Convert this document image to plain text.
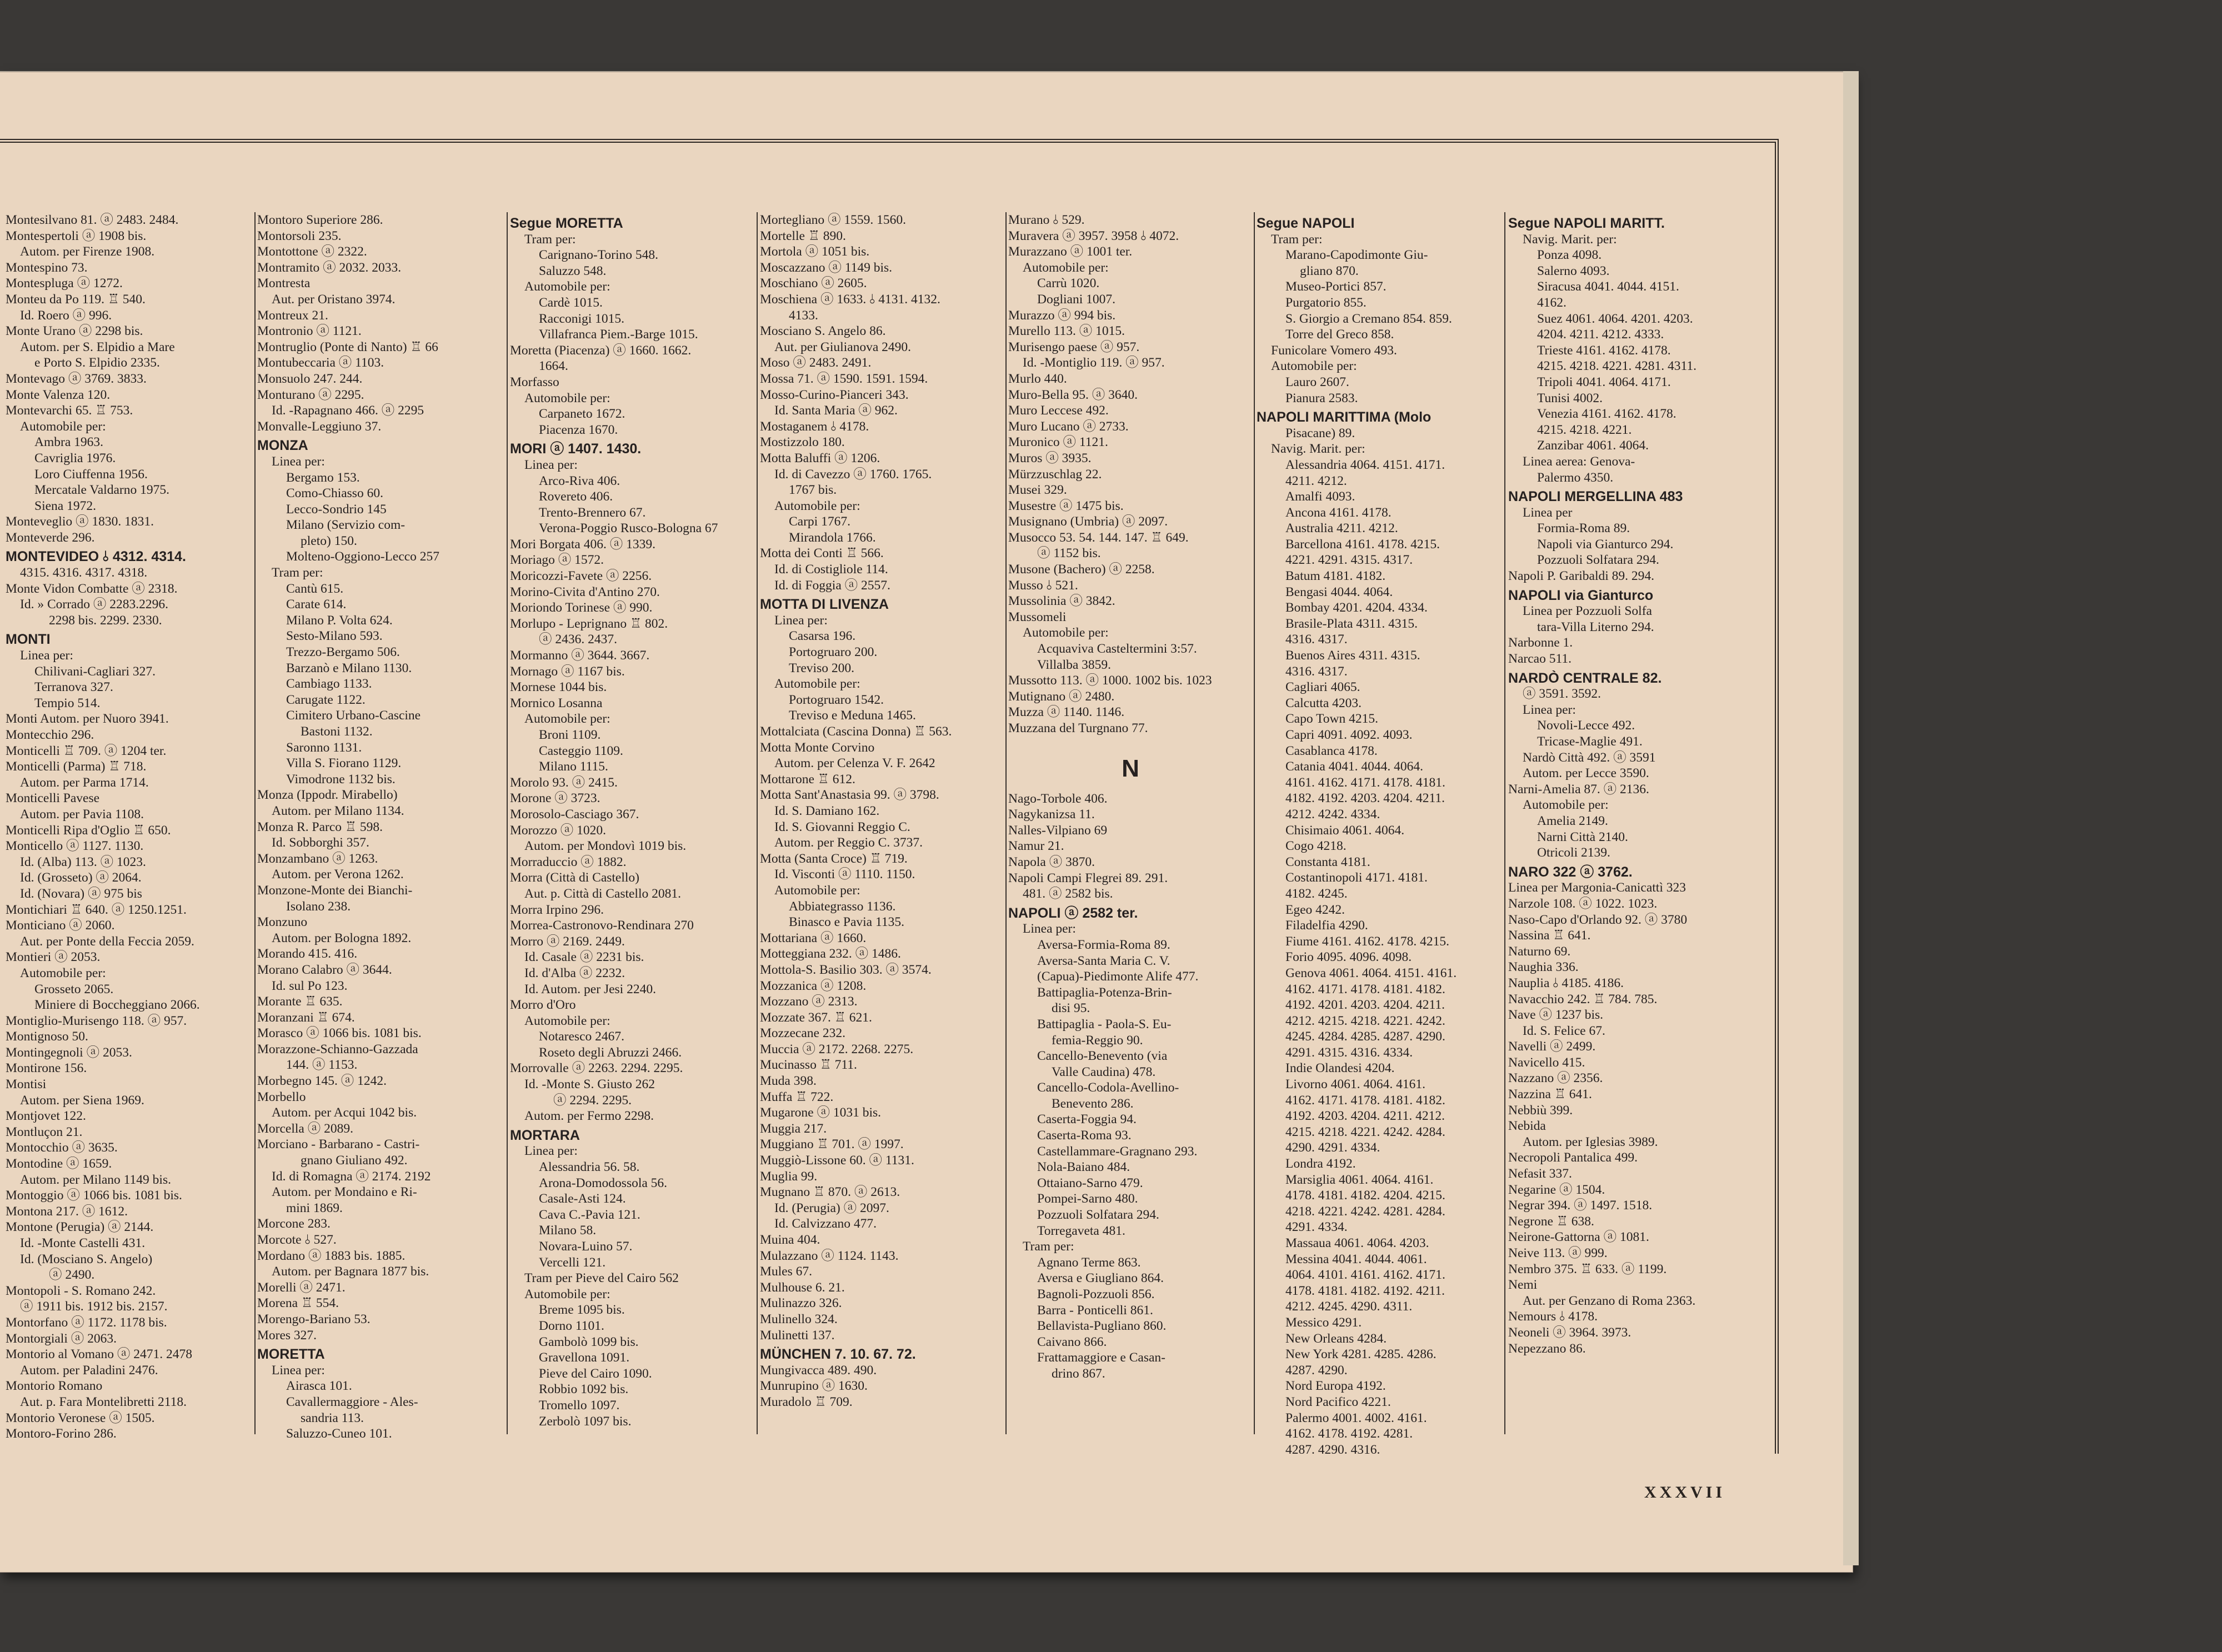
Montesilvano 81. ⓐ 2483. 2484.
Montespertoli ⓐ 1908 bis.
Autom. per Firenze 1908.
Montespino 73.
Montespluga ⓐ 1272.
Monteu da Po 119. ♖ 540.
Id. Roero ⓐ 996.
Monte Urano ⓐ 2298 bis.
Autom. per S. Elpidio a Mare
e Porto S. Elpidio 2335.
Montevago ⓐ 3769. 3833.
Monte Valenza 120.
Montevarchi 65. ♖ 753.
Automobile per:
Ambra 1963.
Cavriglia 1976.
Loro Ciuffenna 1956.
Mercatale Valdarno 1975.
Siena 1972.
Monteveglio ⓐ 1830. 1831.
Monteverde 296.
MONTEVIDEO ⫰ 4312. 4314.
4315. 4316. 4317. 4318.
Monte Vidon Combatte ⓐ 2318.
Id. » Corrado ⓐ 2283.2296.
2298 bis. 2299. 2330.
MONTI
Linea per:
Chilivani-Cagliari 327.
Terranova 327.
Tempio 514.
Monti Autom. per Nuoro 3941.
Montecchio 296.
Monticelli ♖ 709. ⓐ 1204 ter.
Monticelli (Parma) ♖ 718.
Autom. per Parma 1714.
Monticelli Pavese
Autom. per Pavia 1108.
Monticelli Ripa d'Oglio ♖ 650.
Monticello ⓐ 1127. 1130.
Id. (Alba) 113. ⓐ 1023.
Id. (Grosseto) ⓐ 2064.
Id. (Novara) ⓐ 975 bis
Montichiari ♖ 640. ⓐ 1250.1251.
Monticiano ⓐ 2060.
Aut. per Ponte della Feccia 2059.
Montieri ⓐ 2053.
Automobile per:
Grosseto 2065.
Miniere di Boccheggiano 2066.
Montiglio-Murisengo 118. ⓐ 957.
Montignoso 50.
Montingegnoli ⓐ 2053.
Montirone 156.
Montisi
Autom. per Siena 1969.
Montjovet 122.
Montluçon 21.
Montocchio ⓐ 3635.
Montodine ⓐ 1659.
Autom. per Milano 1149 bis.
Montoggio ⓐ 1066 bis. 1081 bis.
Montona 217. ⓐ 1612.
Montone (Perugia) ⓐ 2144.
Id. -Monte Castelli 431.
Id. (Mosciano S. Angelo)
ⓐ 2490.
Montopoli - S. Romano 242.
ⓐ 1911 bis. 1912 bis. 2157.
Montorfano ⓐ 1172. 1178 bis.
Montorgiali ⓐ 2063.
Montorio al Vomano ⓐ 2471. 2478
Autom. per Paladini 2476.
Montorio Romano
Aut. p. Fara Montelibretti 2118.
Montorio Veronese ⓐ 1505.
Montoro-Forino 286.
Montoro Superiore 286.
Montorsoli 235.
Montottone ⓐ 2322.
Montramito ⓐ 2032. 2033.
Montresta
Aut. per Oristano 3974.
Montreux 21.
Montronio ⓐ 1121.
Montruglio (Ponte di Nanto) ♖ 66
Montubeccaria ⓐ 1103.
Monsuolo 247. 244.
Monturano ⓐ 2295.
Id. -Rapagnano 466. ⓐ 2295
Monvalle-Leggiuno 37.
MONZA
Linea per:
Bergamo 153.
Como-Chiasso 60.
Lecco-Sondrio 145
Milano (Servizio com-
pleto) 150.
Molteno-Oggiono-Lecco 257
Tram per:
Cantù 615.
Carate 614.
Milano P. Volta 624.
Sesto-Milano 593.
Trezzo-Bergamo 506.
Barzanò e Milano 1130.
Cambiago 1133.
Carugate 1122.
Cimitero Urbano-Cascine
Bastoni 1132.
Saronno 1131.
Villa S. Fiorano 1129.
Vimodrone 1132 bis.
Monza (Ippodr. Mirabello)
Autom. per Milano 1134.
Monza R. Parco ♖ 598.
Id. Sobborghi 357.
Monzambano ⓐ 1263.
Autom. per Verona 1262.
Monzone-Monte dei Bianchi-
Isolano 238.
Monzuno
Autom. per Bologna 1892.
Morando 415. 416.
Morano Calabro ⓐ 3644.
Id. sul Po 123.
Morante ♖ 635.
Moranzani ♖ 674.
Morasco ⓐ 1066 bis. 1081 bis.
Morazzone-Schianno-Gazzada
144. ⓐ 1153.
Morbegno 145. ⓐ 1242.
Morbello
Autom. per Acqui 1042 bis.
Morcella ⓐ 2089.
Morciano - Barbarano - Castri-
gnano Giuliano 492.
Id. di Romagna ⓐ 2174. 2192
Autom. per Mondaino e Ri-
mini 1869.
Morcone 283.
Morcote ⫰ 527.
Mordano ⓐ 1883 bis. 1885.
Autom. per Bagnara 1877 bis.
Morelli ⓐ 2471.
Morena ♖ 554.
Morengo-Bariano 53.
Mores 327.
MORETTA
Linea per:
Airasca 101.
Cavallermaggiore - Ales-
sandria 113.
Saluzzo-Cuneo 101.
Segue MORETTA
Tram per:
Carignano-Torino 548.
Saluzzo 548.
Automobile per:
Cardè 1015.
Racconigi 1015.
Villafranca Piem.-Barge 1015.
Moretta (Piacenza) ⓐ 1660. 1662.
1664.
Morfasso
Automobile per:
Carpaneto 1672.
Piacenza 1670.
MORI ⓐ 1407. 1430.
Linea per:
Arco-Riva 406.
Rovereto 406.
Trento-Brennero 67.
Verona-Poggio Rusco-Bologna 67
Mori Borgata 406. ⓐ 1339.
Moriago ⓐ 1572.
Moricozzi-Favete ⓐ 2256.
Morino-Civita d'Antino 270.
Moriondo Torinese ⓐ 990.
Morlupo - Leprignano ♖ 802.
ⓐ 2436. 2437.
Mormanno ⓐ 3644. 3667.
Mornago ⓐ 1167 bis.
Mornese 1044 bis.
Mornico Losanna
Automobile per:
Broni 1109.
Casteggio 1109.
Milano 1115.
Morolo 93. ⓐ 2415.
Morone ⓐ 3723.
Morosolo-Casciago 367.
Morozzo ⓐ 1020.
Autom. per Mondovì 1019 bis.
Morraduccio ⓐ 1882.
Morra (Città di Castello)
Aut. p. Città di Castello 2081.
Morra Irpino 296.
Morrea-Castronovo-Rendinara 270
Morro ⓐ 2169. 2449.
Id. Casale ⓐ 2231 bis.
Id. d'Alba ⓐ 2232.
Id. Autom. per Jesi 2240.
Morro d'Oro
Automobile per:
Notaresco 2467.
Roseto degli Abruzzi 2466.
Morrovalle ⓐ 2263. 2294. 2295.
Id. -Monte S. Giusto 262
ⓐ 2294. 2295.
Autom. per Fermo 2298.
MORTARA
Linea per:
Alessandria 56. 58.
Arona-Domodossola 56.
Casale-Asti 124.
Cava C.-Pavia 121.
Milano 58.
Novara-Luino 57.
Vercelli 121.
Tram per Pieve del Cairo 562
Automobile per:
Breme 1095 bis.
Dorno 1101.
Gambolò 1099 bis.
Gravellona 1091.
Pieve del Cairo 1090.
Robbio 1092 bis.
Tromello 1097.
Zerbolò 1097 bis.
Mortegliano ⓐ 1559. 1560.
Mortelle ♖ 890.
Mortola ⓐ 1051 bis.
Moscazzano ⓐ 1149 bis.
Moschiano ⓐ 2605.
Moschiena ⓐ 1633. ⫰ 4131. 4132.
4133.
Mosciano S. Angelo 86.
Aut. per Giulianova 2490.
Moso ⓐ 2483. 2491.
Mossa 71. ⓐ 1590. 1591. 1594.
Mosso-Curino-Pianceri 343.
Id. Santa Maria ⓐ 962.
Mostaganem ⫰ 4178.
Mostizzolo 180.
Motta Baluffi ⓐ 1206.
Id. di Cavezzo ⓐ 1760. 1765.
1767 bis.
Automobile per:
Carpi 1767.
Mirandola 1766.
Motta dei Conti ♖ 566.
Id. di Costigliole 114.
Id. di Foggia ⓐ 2557.
MOTTA DI LIVENZA
Linea per:
Casarsa 196.
Portogruaro 200.
Treviso 200.
Automobile per:
Portogruaro 1542.
Treviso e Meduna 1465.
Mottalciata (Cascina Donna) ♖ 563.
Motta Monte Corvino
Autom. per Celenza V. F. 2642
Mottarone ♖ 612.
Motta Sant'Anastasia 99. ⓐ 3798.
Id. S. Damiano 162.
Id. S. Giovanni Reggio C.
Autom. per Reggio C. 3737.
Motta (Santa Croce) ♖ 719.
Id. Visconti ⓐ 1110. 1150.
Automobile per:
Abbiategrasso 1136.
Binasco e Pavia 1135.
Mottariana ⓐ 1660.
Motteggiana 232. ⓐ 1486.
Mottola-S. Basilio 303. ⓐ 3574.
Mozzanica ⓐ 1208.
Mozzano ⓐ 2313.
Mozzate 367. ♖ 621.
Mozzecane 232.
Muccia ⓐ 2172. 2268. 2275.
Mucinasso ♖ 711.
Muda 398.
Muffa ♖ 722.
Mugarone ⓐ 1031 bis.
Muggia 217.
Muggiano ♖ 701. ⓐ 1997.
Muggiò-Lissone 60. ⓐ 1131.
Muglia 99.
Mugnano ♖ 870. ⓐ 2613.
Id. (Perugia) ⓐ 2097.
Id. Calvizzano 477.
Muina 404.
Mulazzano ⓐ 1124. 1143.
Mules 67.
Mulhouse 6. 21.
Mulinazzo 326.
Mulinello 324.
Mulinetti 137.
MÜNCHEN 7. 10. 67. 72.
Mungivacca 489. 490.
Munrupino ⓐ 1630.
Muradolo ♖ 709.
Murano ⫰ 529.
Muravera ⓐ 3957. 3958 ⫰ 4072.
Murazzano ⓐ 1001 ter.
Automobile per:
Carrù 1020.
Dogliani 1007.
Murazzo ⓐ 994 bis.
Murello 113. ⓐ 1015.
Murisengo paese ⓐ 957.
Id. -Montiglio 119. ⓐ 957.
Murlo 440.
Muro-Bella 95. ⓐ 3640.
Muro Leccese 492.
Muro Lucano ⓐ 2733.
Muronico ⓐ 1121.
Muros ⓐ 3935.
Mürzzuschlag 22.
Musei 329.
Musestre ⓐ 1475 bis.
Musignano (Umbria) ⓐ 2097.
Musocco 53. 54. 144. 147. ♖ 649.
ⓐ 1152 bis.
Musone (Bachero) ⓐ 2258.
Musso ⫰ 521.
Mussolinia ⓐ 3842.
Mussomeli
Automobile per:
Acquaviva Casteltermini 3:57.
Villalba 3859.
Mussotto 113. ⓐ 1000. 1002 bis. 1023
Mutignano ⓐ 2480.
Muzza ⓐ 1140. 1146.
Muzzana del Turgnano 77.
N
Nago-Torbole 406.
Nagykanizsa 11.
Nalles-Vilpiano 69
Namur 21.
Napola ⓐ 3870.
Napoli Campi Flegrei 89. 291.
481. ⓐ 2582 bis.
NAPOLI ⓐ 2582 ter.
Linea per:
Aversa-Formia-Roma 89.
Aversa-Santa Maria C. V.
(Capua)-Piedimonte Alife 477.
Battipaglia-Potenza-Brin-
disi 95.
Battipaglia - Paola-S. Eu-
femia-Reggio 90.
Cancello-Benevento (via
Valle Caudina) 478.
Cancello-Codola-Avellino-
Benevento 286.
Caserta-Foggia 94.
Caserta-Roma 93.
Castellammare-Gragnano 293.
Nola-Baiano 484.
Ottaiano-Sarno 479.
Pompei-Sarno 480.
Pozzuoli Solfatara 294.
Torregaveta 481.
Tram per:
Agnano Terme 863.
Aversa e Giugliano 864.
Bagnoli-Pozzuoli 856.
Barra - Ponticelli 861.
Bellavista-Pugliano 860.
Caivano 866.
Frattamaggiore e Casan-
drino 867.
Segue NAPOLI
Tram per:
Marano-Capodimonte Giu-
gliano 870.
Museo-Portici 857.
Purgatorio 855.
S. Giorgio a Cremano 854. 859.
Torre del Greco 858.
Funicolare Vomero 493.
Automobile per:
Lauro 2607.
Pianura 2583.
NAPOLI MARITTIMA (Molo
Pisacane) 89.
Navig. Marit. per:
Alessandria 4064. 4151. 4171.
4211. 4212.
Amalfi 4093.
Ancona 4161. 4178.
Australia 4211. 4212.
Barcellona 4161. 4178. 4215.
4221. 4291. 4315. 4317.
Batum 4181. 4182.
Bengasi 4044. 4064.
Bombay 4201. 4204. 4334.
Brasile-Plata 4311. 4315.
4316. 4317.
Buenos Aires 4311. 4315.
4316. 4317.
Cagliari 4065.
Calcutta 4203.
Capo Town 4215.
Capri 4091. 4092. 4093.
Casablanca 4178.
Catania 4041. 4044. 4064.
4161. 4162. 4171. 4178. 4181.
4182. 4192. 4203. 4204. 4211.
4212. 4242. 4334.
Chisimaio 4061. 4064.
Cogo 4218.
Constanta 4181.
Costantinopoli 4171. 4181.
4182. 4245.
Egeo 4242.
Filadelfia 4290.
Fiume 4161. 4162. 4178. 4215.
Forio 4095. 4096. 4098.
Genova 4061. 4064. 4151. 4161.
4162. 4171. 4178. 4181. 4182.
4192. 4201. 4203. 4204. 4211.
4212. 4215. 4218. 4221. 4242.
4245. 4284. 4285. 4287. 4290.
4291. 4315. 4316. 4334.
Indie Olandesi 4204.
Livorno 4061. 4064. 4161.
4162. 4171. 4178. 4181. 4182.
4192. 4203. 4204. 4211. 4212.
4215. 4218. 4221. 4242. 4284.
4290. 4291. 4334.
Londra 4192.
Marsiglia 4061. 4064. 4161.
4178. 4181. 4182. 4204. 4215.
4218. 4221. 4242. 4281. 4284.
4291. 4334.
Massaua 4061. 4064. 4203.
Messina 4041. 4044. 4061.
4064. 4101. 4161. 4162. 4171.
4178. 4181. 4182. 4192. 4211.
4212. 4245. 4290. 4311.
Messico 4291.
New Orleans 4284.
New York 4281. 4285. 4286.
4287. 4290.
Nord Europa 4192.
Nord Pacifico 4221.
Palermo 4001. 4002. 4161.
4162. 4178. 4192. 4281.
4287. 4290. 4316.
Segue NAPOLI MARITT.
Navig. Marit. per:
Ponza 4098.
Salerno 4093.
Siracusa 4041. 4044. 4151.
4162.
Suez 4061. 4064. 4201. 4203.
4204. 4211. 4212. 4333.
Trieste 4161. 4162. 4178.
4215. 4218. 4221. 4281. 4311.
Tripoli 4041. 4064. 4171.
Tunisi 4002.
Venezia 4161. 4162. 4178.
4215. 4218. 4221.
Zanzibar 4061. 4064.
Linea aerea: Genova-
Palermo 4350.
NAPOLI MERGELLINA 483
Linea per
Formia-Roma 89.
Napoli via Gianturco 294.
Pozzuoli Solfatara 294.
Napoli P. Garibaldi 89. 294.
NAPOLI via Gianturco
Linea per Pozzuoli Solfa
tara-Villa Literno 294.
Narbonne 1.
Narcao 511.
NARDÒ CENTRALE 82.
ⓐ 3591. 3592.
Linea per:
Novoli-Lecce 492.
Tricase-Maglie 491.
Nardò Città 492. ⓐ 3591
Autom. per Lecce 3590.
Narni-Amelia 87. ⓐ 2136.
Automobile per:
Amelia 2149.
Narni Città 2140.
Otricoli 2139.
NARO 322 ⓐ 3762.
Linea per Margonia-Canicattì 323
Narzole 108. ⓐ 1022. 1023.
Naso-Capo d'Orlando 92. ⓐ 3780
Nassina ♖ 641.
Naturno 69.
Naughia 336.
Nauplia ⫰ 4185. 4186.
Navacchio 242. ♖ 784. 785.
Nave ⓐ 1237 bis.
Id. S. Felice 67.
Navelli ⓐ 2499.
Navicello 415.
Nazzano ⓐ 2356.
Nazzina ♖ 641.
Nebbiù 399.
Nebida
Autom. per Iglesias 3989.
Necropoli Pantalica 499.
Nefasit 337.
Negarine ⓐ 1504.
Negrar 394. ⓐ 1497. 1518.
Negrone ♖ 638.
Neirone-Gattorna ⓐ 1081.
Neive 113. ⓐ 999.
Nembro 375. ♖ 633. ⓐ 1199.
Nemi
Aut. per Genzano di Roma 2363.
Nemours ⫰ 4178.
Neoneli ⓐ 3964. 3973.
Nepezzano 86.
XXXVII
